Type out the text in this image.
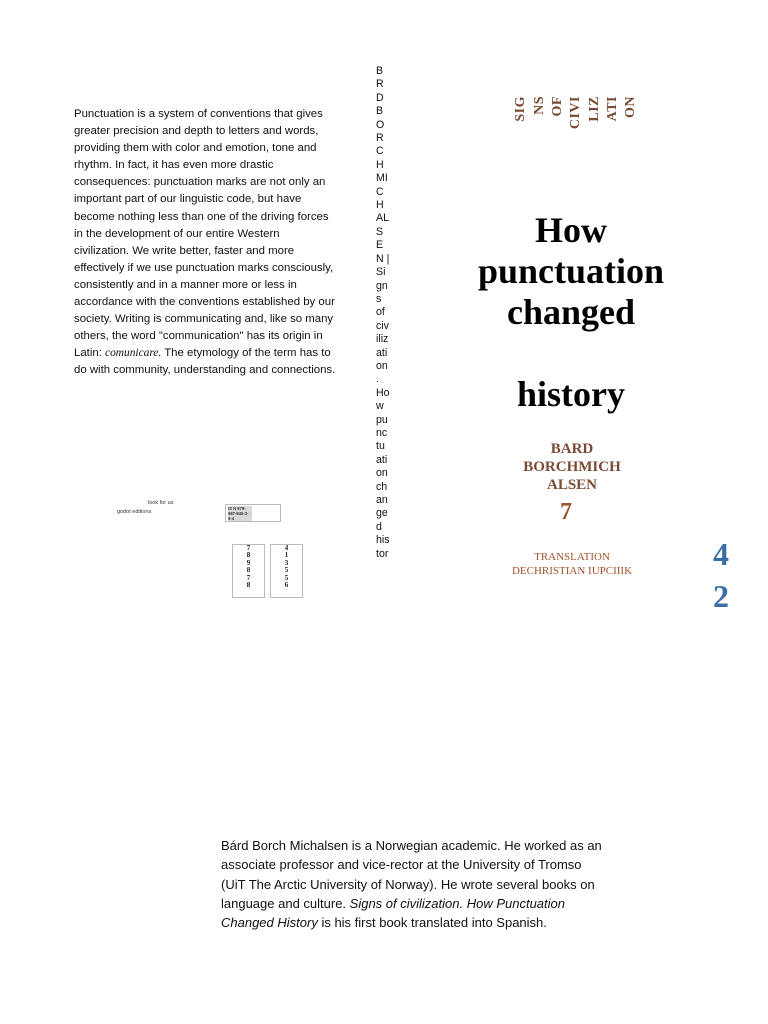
Punctuation is a system of conventions that gives greater precision and depth to letters and words, providing them with color and emotion, tone and rhythm. In fact, it has even more drastic consequences: punctuation marks are not only an important part of our linguistic code, but have become nothing less than one of the driving forces in the development of our entire Western civilization. We write better, faster and more effectively if we use punctuation marks consciously, consistently and in a manner more or less in accordance with the conventions established by our society. Writing is communicating and, like so many others, the word "communication" has its origin in Latin: comunicare. The etymology of the term has to do with community, understanding and connections.
look for us
godot editions
IS N 978-987-845-3-9-4
7
8
9
8
7
8
4
1
3
5
5
6
B
R
D
B
O
R
C
H
MI
C
H
AL
S
E
N |
Si
gn
s
of
civ
iliz
ati
on
.
Ho
w
pu
nc
tu
ati
on
ch
an
ge
d
his
tor
SIG NS OF CIVI LIZ ATI ON
How
punctuation
changed
history
BARD
BORCHMICH
ALSEN
7
TRANSLATION
DECHRISTIAN IUPCIIIK	4
2
Bárd Borch Michalsen is a Norwegian academic. He worked as an associate professor and vice-rector at the University of Tromso (UiT The Arctic University of Norway). He wrote several books on language and culture. Signs of civilization. How Punctuation Changed History is his first book translated into Spanish.
